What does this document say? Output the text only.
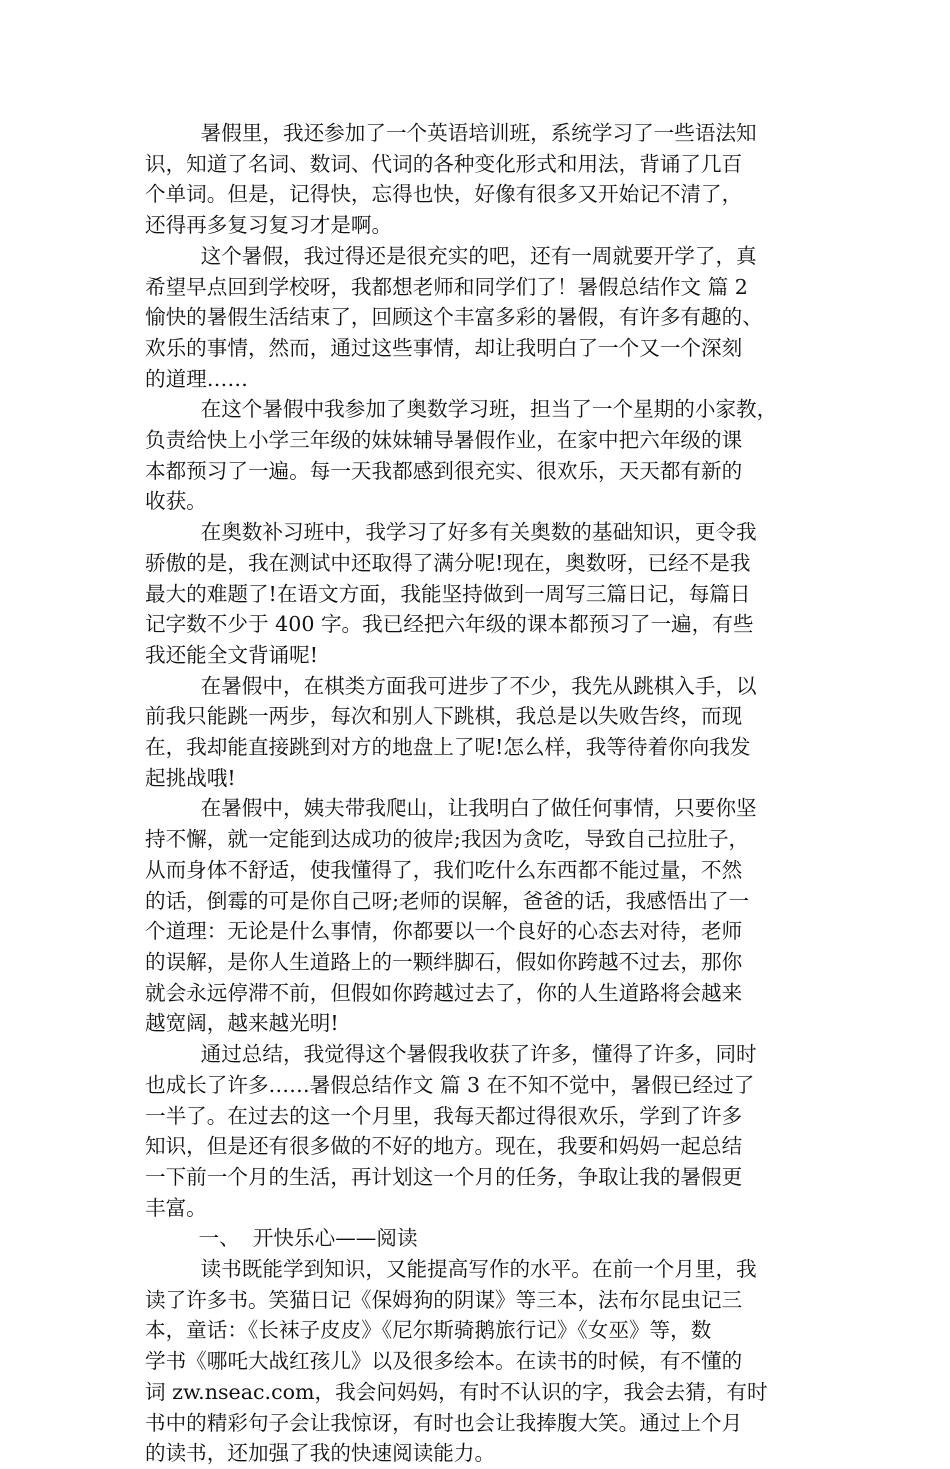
暑假里，我还参加了一个英语培训班，系统学习了一些语法知
识，知道了名词、数词、代词的各种变化形式和用法，背诵了几百
个单词。但是，记得快，忘得也快，好像有很多又开始记不清了，
还得再多复习复习才是啊。

这个暑假，我过得还是很充实的吧，还有一周就要开学了，真
希望早点回到学校呀，我都想老师和同学们了！暑假总结作文 篇 2
愉快的暑假生活结束了，回顾这个丰富多彩的暑假，有许多有趣的、
欢乐的事情，然而，通过这些事情，却让我明白了一个又一个深刻
的道理……

在这个暑假中我参加了奥数学习班，担当了一个星期的小家教，
负责给快上小学三年级的妹妹辅导暑假作业，在家中把六年级的课
本都预习了一遍。每一天我都感到很充实、很欢乐，天天都有新的
收获。

在奥数补习班中，我学习了好多有关奥数的基础知识，更令我
骄傲的是，我在测试中还取得了满分呢!现在，奥数呀，已经不是我
最大的难题了!在语文方面，我能坚持做到一周写三篇日记，每篇日
记字数不少于 400 字。我已经把六年级的课本都预习了一遍，有些
我还能全文背诵呢!

在暑假中，在棋类方面我可进步了不少，我先从跳棋入手，以
前我只能跳一两步，每次和别人下跳棋，我总是以失败告终，而现
在，我却能直接跳到对方的地盘上了呢!怎么样，我等待着你向我发
起挑战哦!

在暑假中，姨夫带我爬山，让我明白了做任何事情，只要你坚
持不懈，就一定能到达成功的彼岸;我因为贪吃，导致自己拉肚子，
从而身体不舒适，使我懂得了，我们吃什么东西都不能过量，不然
的话，倒霉的可是你自己呀;老师的误解，爸爸的话，我感悟出了一
个道理：无论是什么事情，你都要以一个良好的心态去对待，老师
的误解，是你人生道路上的一颗绊脚石，假如你跨越不过去，那你
就会永远停滞不前，但假如你跨越过去了，你的人生道路将会越来
越宽阔，越来越光明!

通过总结，我觉得这个暑假我收获了许多，懂得了许多，同时
也成长了许多……暑假总结作文 篇 3 在不知不觉中，暑假已经过了
一半了。在过去的这一个月里，我每天都过得很欢乐，学到了许多
知识，但是还有很多做的不好的地方。现在，我要和妈妈一起总结
一下前一个月的生活，再计划这一个月的任务，争取让我的暑假更
丰富。

一、  开快乐心——阅读

读书既能学到知识，又能提高写作的水平。在前一个月里，我
读了许多书。笑猫日记《保姆狗的阴谋》等三本，法布尔昆虫记三
本，童话：《长袜子皮皮》《尼尔斯骑鹅旅行记》《女巫》等，数
学书《哪吒大战红孩儿》以及很多绘本。在读书的时候，有不懂的
词 zw.nseac.com，我会问妈妈，有时不认识的字，我会去猜，有时
书中的精彩句子会让我惊讶，有时也会让我捧腹大笑。通过上个月
的读书，还加强了我的快速阅读能力。
